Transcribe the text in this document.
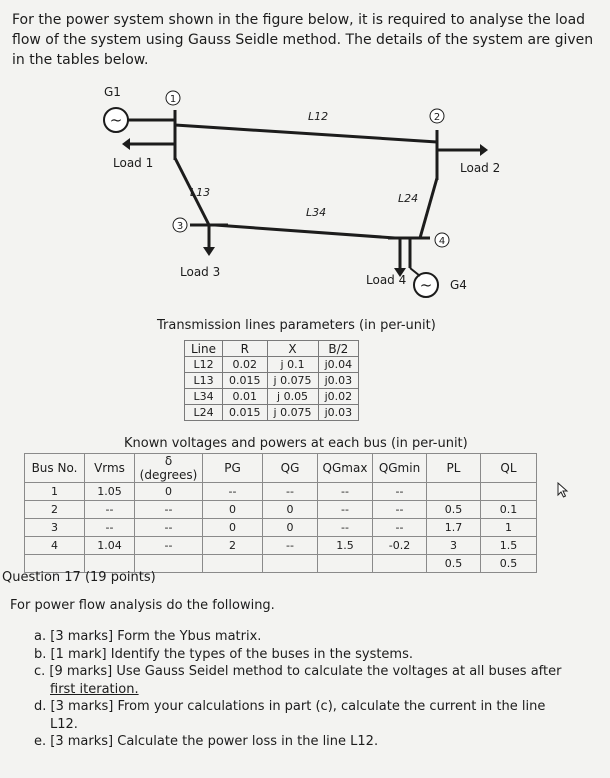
For the power system shown in the figure below, it is required to analyse the load flow of the system using Gauss Seidle method. The details of the system are given in the tables below.
~
~
1
2
3
4
G1
G4
Load 1	Load 2
Load 3
Load 4
L12
L13
L34
L24
Transmission lines parameters (in per-unit)
Line	R	X	B/2
L12	0.02	j 0.1	j0.04
L13	0.015	j 0.075	j0.03
L34	0.01	j 0.05	j0.02
L24	0.015	j 0.075	j0.03
Known voltages and powers at each bus (in per-unit)
Bus No.	Vrms	δ (degrees)	PG	QG	QGmax	QGmin	PL	QL
1	1.05	0	--	--	--	--		
2	--	--	0	0	--	--	0.5	0.1
3	--	--	0	0	--	--	1.7	1
4	1.04	--	2	--	1.5	-0.2	3	1.5
							0.5	0.5
Question 17 (19 points)
For power flow analysis do the following.
a. [3 marks] Form the Ybus matrix.
b. [1 mark] Identify the types of the buses in the systems.
c. [9 marks] Use Gauss Seidel method to calculate the voltages at all buses after
first iteration.
d. [3 marks] From your calculations in part (c), calculate the current in the line
L12.
e. [3 marks] Calculate the power loss in the line L12.
